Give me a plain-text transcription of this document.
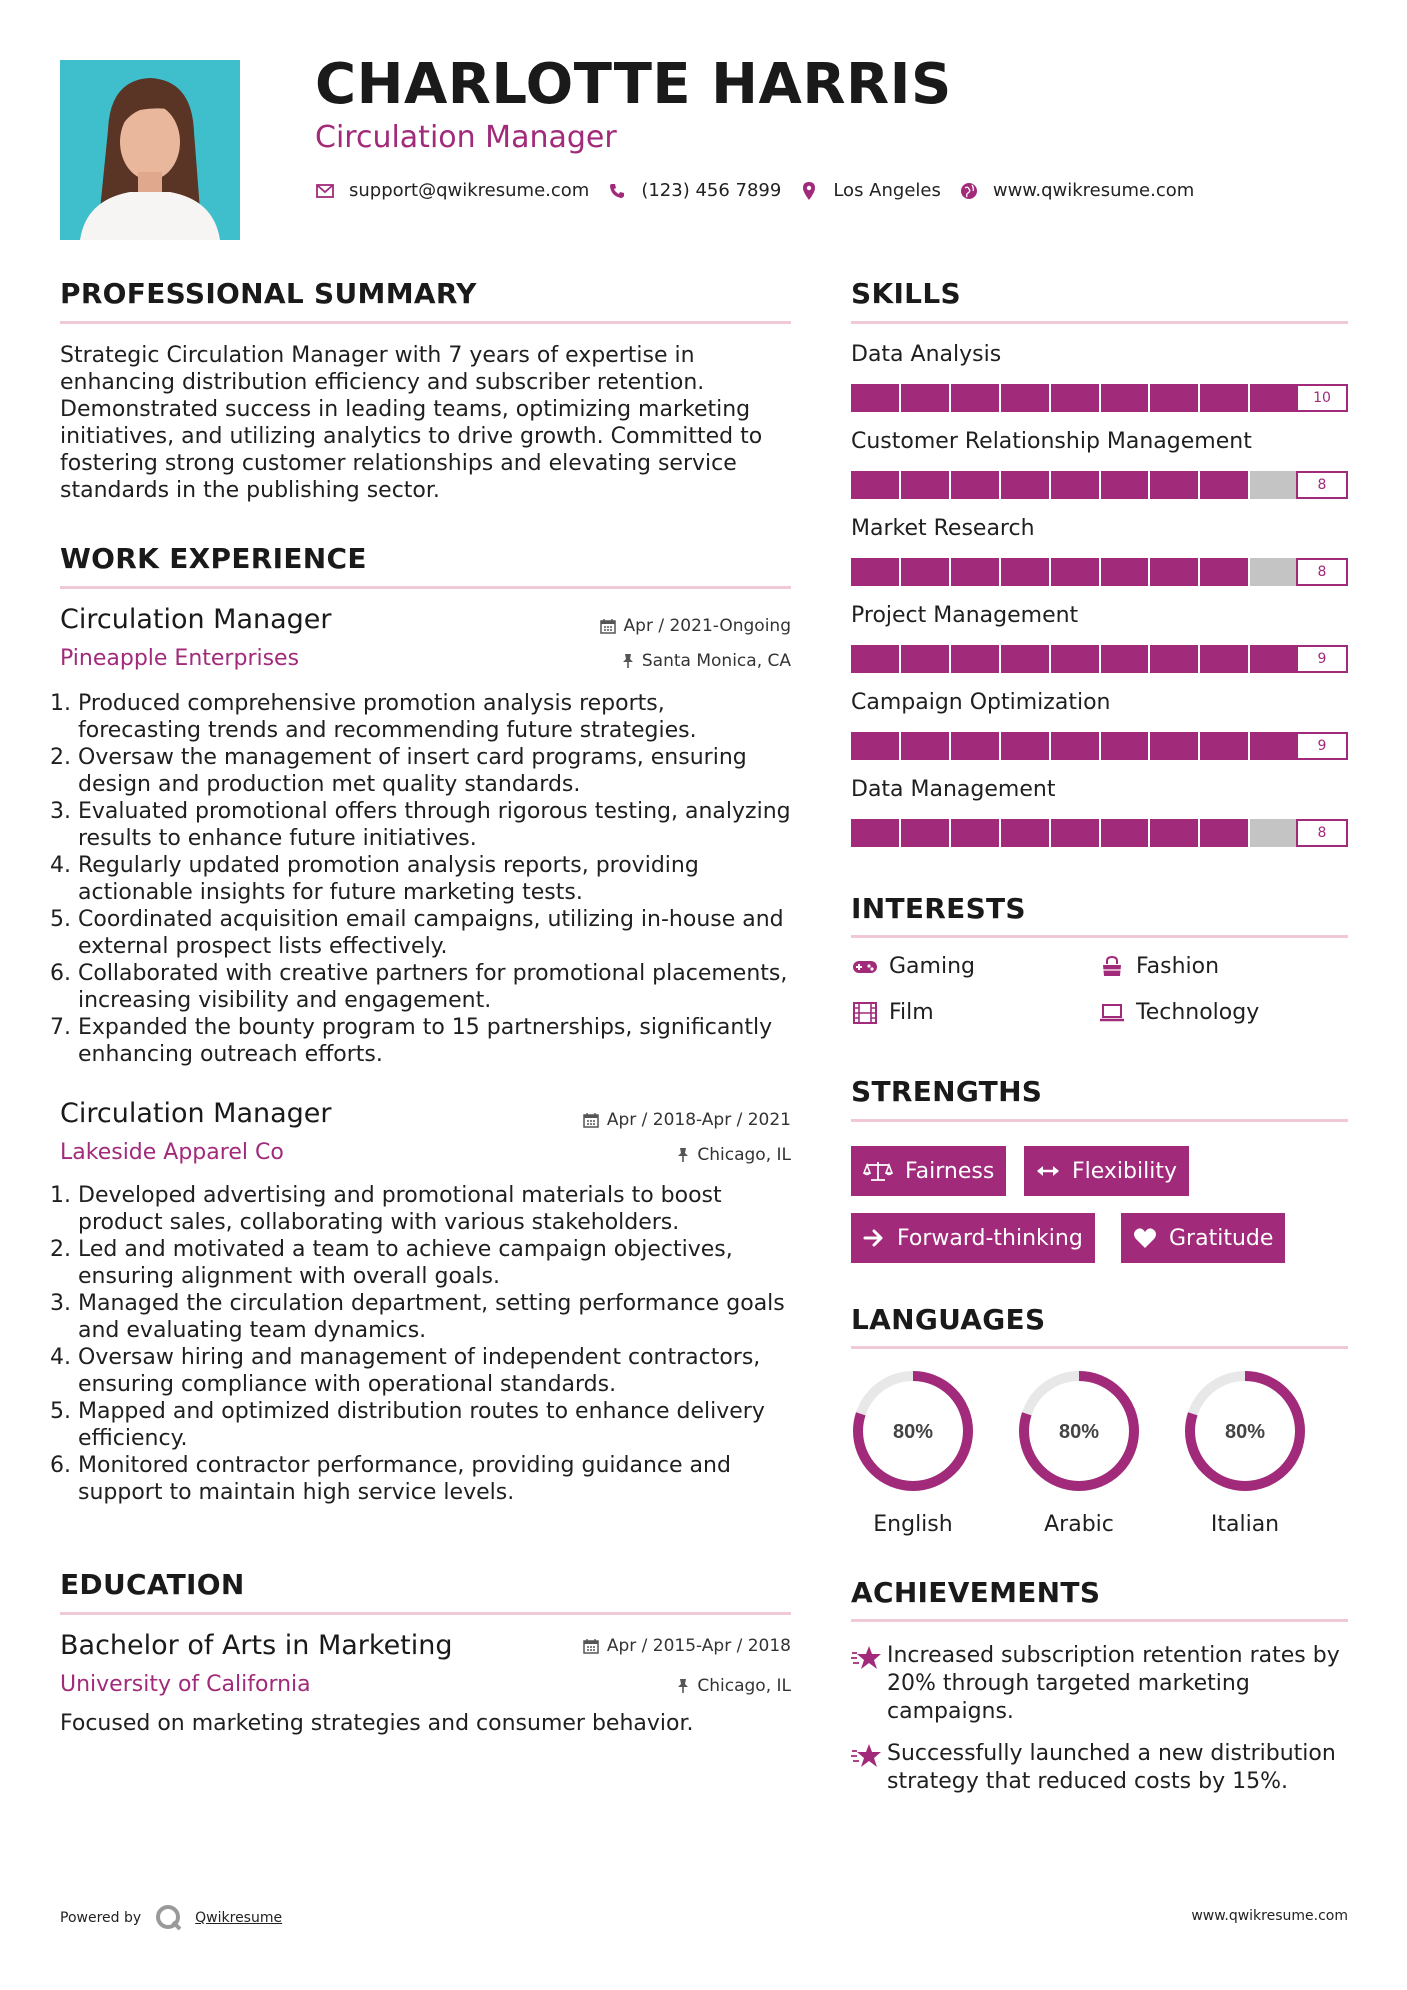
CHARLOTTE HARRIS
Circulation Manager
support@qwikresume.com	(123) 456 7899	Los Angeles	www.qwikresume.com
PROFESSIONAL SUMMARY
Strategic Circulation Manager with 7 years of expertise in enhancing distribution efficiency and subscriber retention. Demonstrated success in leading teams, optimizing marketing initiatives, and utilizing analytics to drive growth. Committed to fostering strong customer relationships and elevating service standards in the publishing sector.
WORK EXPERIENCE
Circulation Manager	Apr / 2021-Ongoing
Pineapple Enterprises	Santa Monica, CA
1. Produced comprehensive promotion analysis reports, forecasting trends and recommending future strategies.
2. Oversaw the management of insert card programs, ensuring design and production met quality standards.
3. Evaluated promotional offers through rigorous testing, analyzing results to enhance future initiatives.
4. Regularly updated promotion analysis reports, providing actionable insights for future marketing tests.
5. Coordinated acquisition email campaigns, utilizing in-house and external prospect lists effectively.
6. Collaborated with creative partners for promotional placements, increasing visibility and engagement.
7. Expanded the bounty program to 15 partnerships, significantly enhancing outreach efforts.
Circulation Manager	Apr / 2018-Apr / 2021
Lakeside Apparel Co	Chicago, IL
1. Developed advertising and promotional materials to boost product sales, collaborating with various stakeholders.
2. Led and motivated a team to achieve campaign objectives, ensuring alignment with overall goals.
3. Managed the circulation department, setting performance goals and evaluating team dynamics.
4. Oversaw hiring and management of independent contractors, ensuring compliance with operational standards.
5. Mapped and optimized distribution routes to enhance delivery efficiency.
6. Monitored contractor performance, providing guidance and support to maintain high service levels.
EDUCATION
Bachelor of Arts in Marketing	Apr / 2015-Apr / 2018
University of California	Chicago, IL
Focused on marketing strategies and consumer behavior.
SKILLS
Data Analysis
10
Customer Relationship Management
8
Market Research
8
Project Management
9
Campaign Optimization
9
Data Management
8
INTERESTS
Gaming	Fashion
Film	Technology
STRENGTHS
Fairness	Flexibility
Forward-thinking	Gratitude
LANGUAGES
80%
English
80%
Arabic
80%
Italian
ACHIEVEMENTS
Increased subscription retention rates by 20% through targeted marketing campaigns.
Successfully launched a new distribution strategy that reduced costs by 15%.
Powered by	Qwikresume	www.qwikresume.com
